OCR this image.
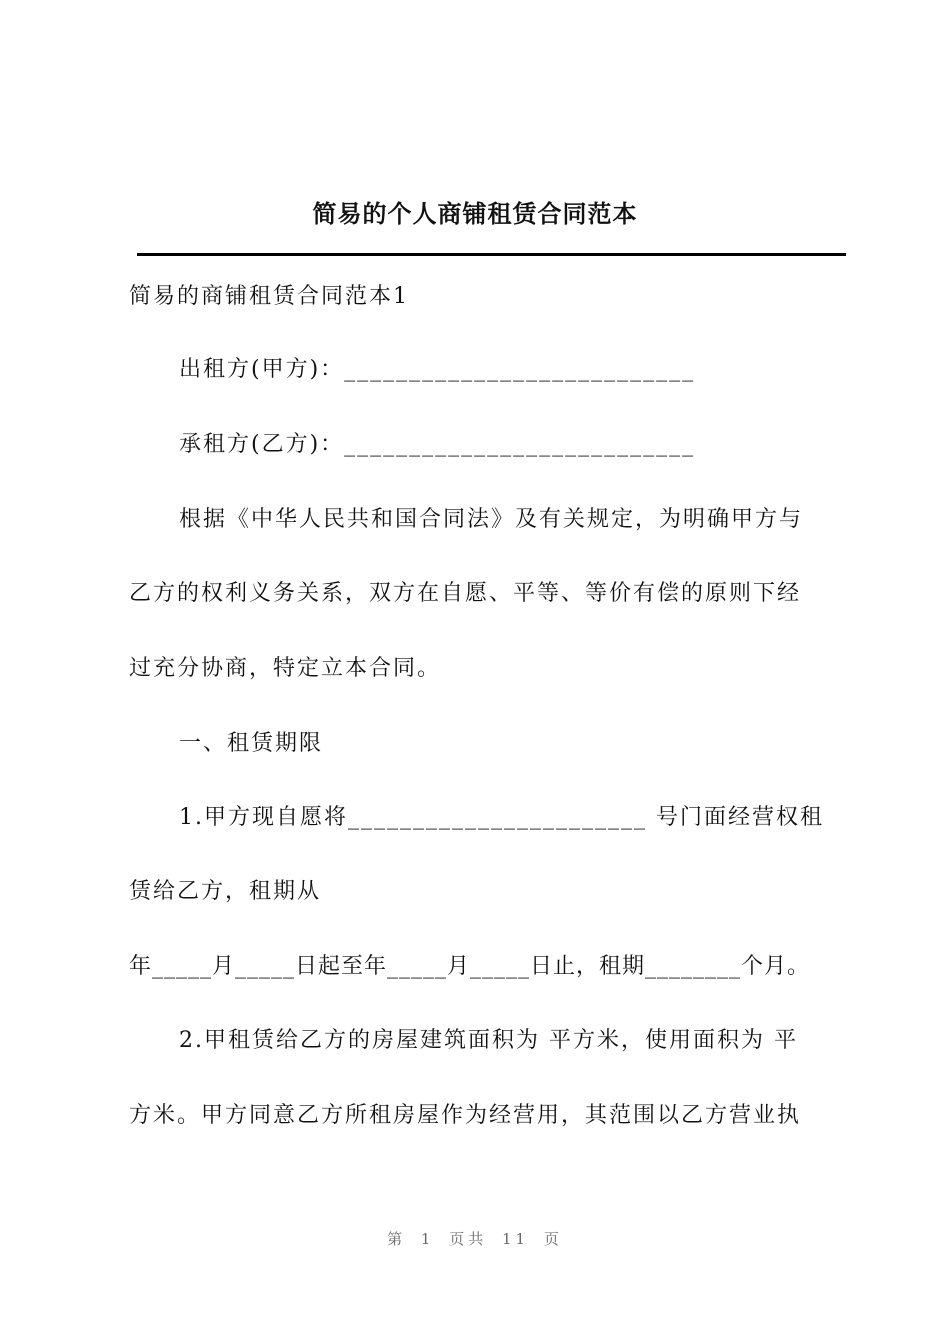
简易的个人商铺租赁合同范本
简易的商铺租赁合同范本1
出租方(甲方)：___________________________
承租方(乙方)：___________________________
根据《中华人民共和国合同法》及有关规定，为明确甲方与
乙方的权利义务关系，双方在自愿、平等、等价有偿的原则下经
过充分协商，特定立本合同。
一、租赁期限
1.甲方现自愿将_______________________ 号门面经营权租
赁给乙方，租期从
年_____月_____日起至年_____月_____日止，租期________个月。
2.甲租赁给乙方的房屋建筑面积为 平方米，使用面积为 平
方米。甲方同意乙方所租房屋作为经营用，其范围以乙方营业执
第 1 页共 11 页
